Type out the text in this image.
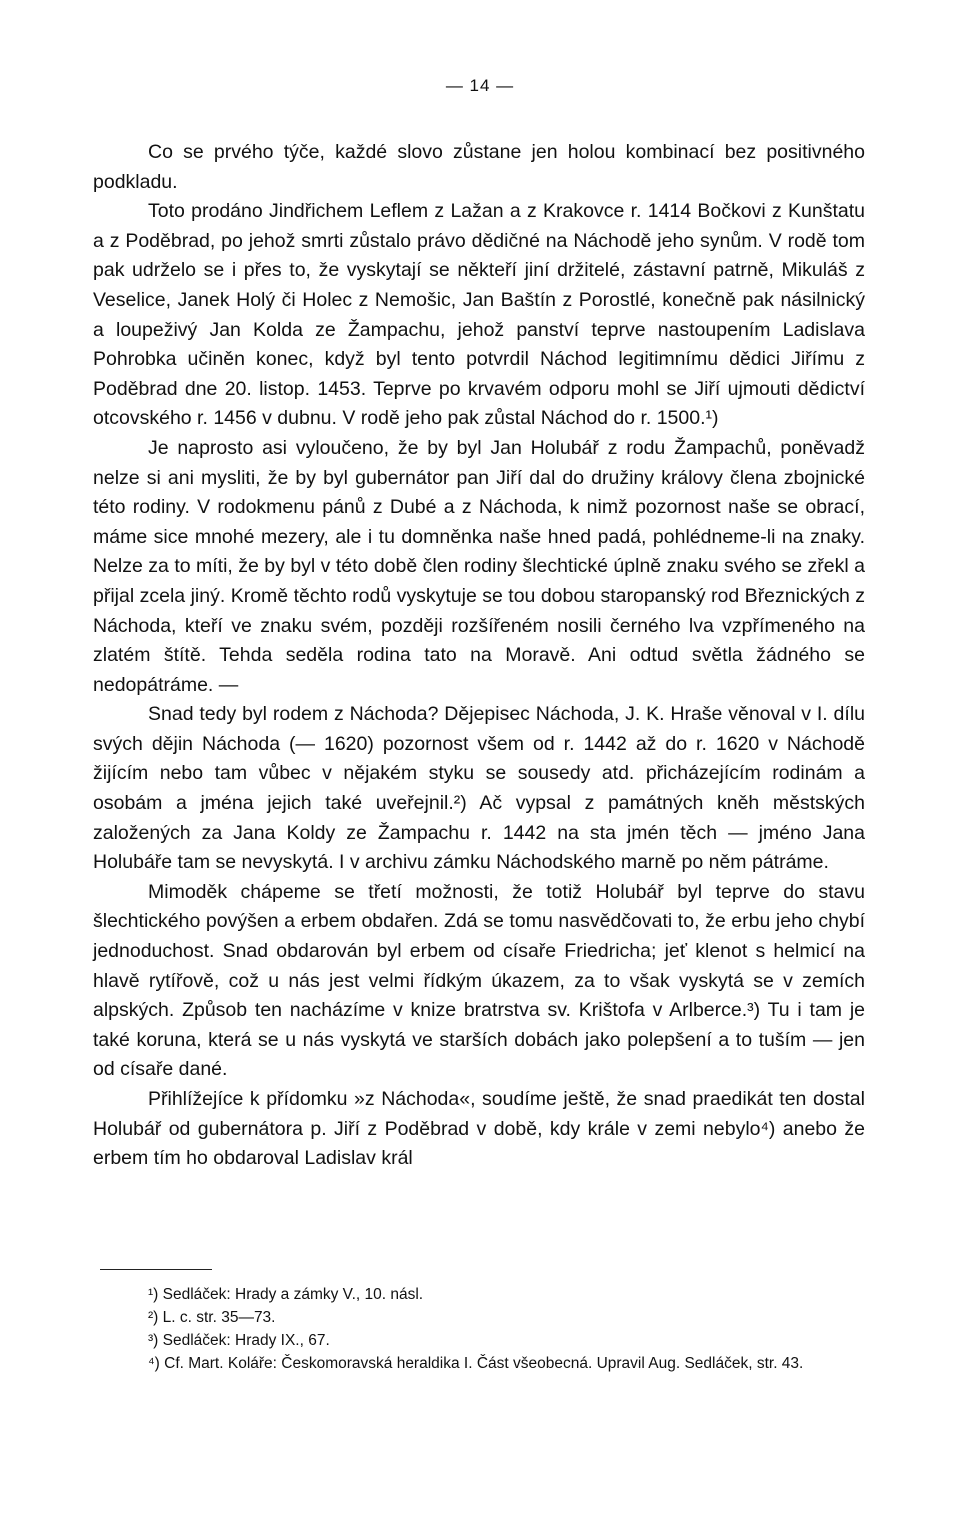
— 14 —

Co se prvého týče, každé slovo zůstane jen holou kombinací bez positivného podkladu.

Toto prodáno Jindřichem Leflem z Lažan a z Krakovce r. 1414 Bočkovi z Kunštatu a z Poděbrad, po jehož smrti zůstalo právo dědičné na Náchodě jeho synům. V rodě tom pak udrželo se i přes to, že vyskytají se někteří jiní držitelé, zástavní patrně, Mikuláš z Veselice, Janek Holý či Holec z Nemošic, Jan Baštín z Porostlé, konečně pak násilnický a loupeživý Jan Kolda ze Žampachu, jehož panství teprve nastoupením Ladislava Pohrobka učiněn konec, když byl tento potvrdil Náchod legitimnímu dědici Jiřímu z Poděbrad dne 20. listop. 1453. Teprve po krvavém odporu mohl se Jiří ujmouti dědictví otcovského r. 1456 v dubnu. V rodě jeho pak zůstal Náchod do r. 1500.¹)

Je naprosto asi vyloučeno, že by byl Jan Holubář z rodu Žampachů, poněvadž nelze si ani mysliti, že by byl gubernátor pan Jiří dal do družiny královy člena zbojnické této rodiny. V rodokmenu pánů z Dubé a z Náchoda, k nimž pozornost naše se obrací, máme sice mnohé mezery, ale i tu domněnka naše hned padá, pohlédneme-li na znaky. Nelze za to míti, že by byl v této době člen rodiny šlechtické úplně znaku svého se zřekl a přijal zcela jiný. Kromě těchto rodů vyskytuje se tou dobou staropanský rod Březnických z Náchoda, kteří ve znaku svém, později rozšířeném nosili černého lva vzpřímeného na zlatém štítě. Tehda seděla rodina tato na Moravě. Ani odtud světla žádného se nedopátráme. —

Snad tedy byl rodem z Náchoda? Dějepisec Náchoda, J. K. Hraše věnoval v I. dílu svých dějin Náchoda (— 1620) pozornost všem od r. 1442 až do r. 1620 v Náchodě žijícím nebo tam vůbec v nějakém styku se sousedy atd. přicházejícím rodinám a osobám a jména jejich také uveřejnil.²) Ač vypsal z památných kněh městských založených za Jana Koldy ze Žampachu r. 1442 na sta jmén těch — jméno Jana Holubáře tam se nevyskytá. I v archivu zámku Náchodského marně po něm pátráme.

Mimoděk chápeme se třetí možnosti, že totiž Holubář byl teprve do stavu šlechtického povýšen a erbem obdařen. Zdá se tomu nasvědčovati to, že erbu jeho chybí jednoduchost. Snad obdarován byl erbem od císaře Friedricha; jeť klenot s helmicí na hlavě rytířově, což u nás jest velmi řídkým úkazem, za to však vyskytá se v zemích alpských. Způsob ten nacházíme v knize bratrstva sv. Krištofa v Arlberce.³) Tu i tam je také koruna, která se u nás vyskytá ve starších dobách jako polepšení a to tuším — jen od císaře dané.

Přihlížejíce k přídomku »z Náchoda«, soudíme ještě, že snad praedikát ten dostal Holubář od gubernátora p. Jiří z Poděbrad v době, kdy krále v zemi nebylo⁴) anebo že erbem tím ho obdaroval Ladislav král

¹) Sedláček: Hrady a zámky V., 10. násl.
²) L. c. str. 35—73.
³) Sedláček: Hrady IX., 67.
⁴) Cf. Mart. Koláře: Českomoravská heraldika I. Část všeobecná. Upravil Aug. Sedláček, str. 43.
